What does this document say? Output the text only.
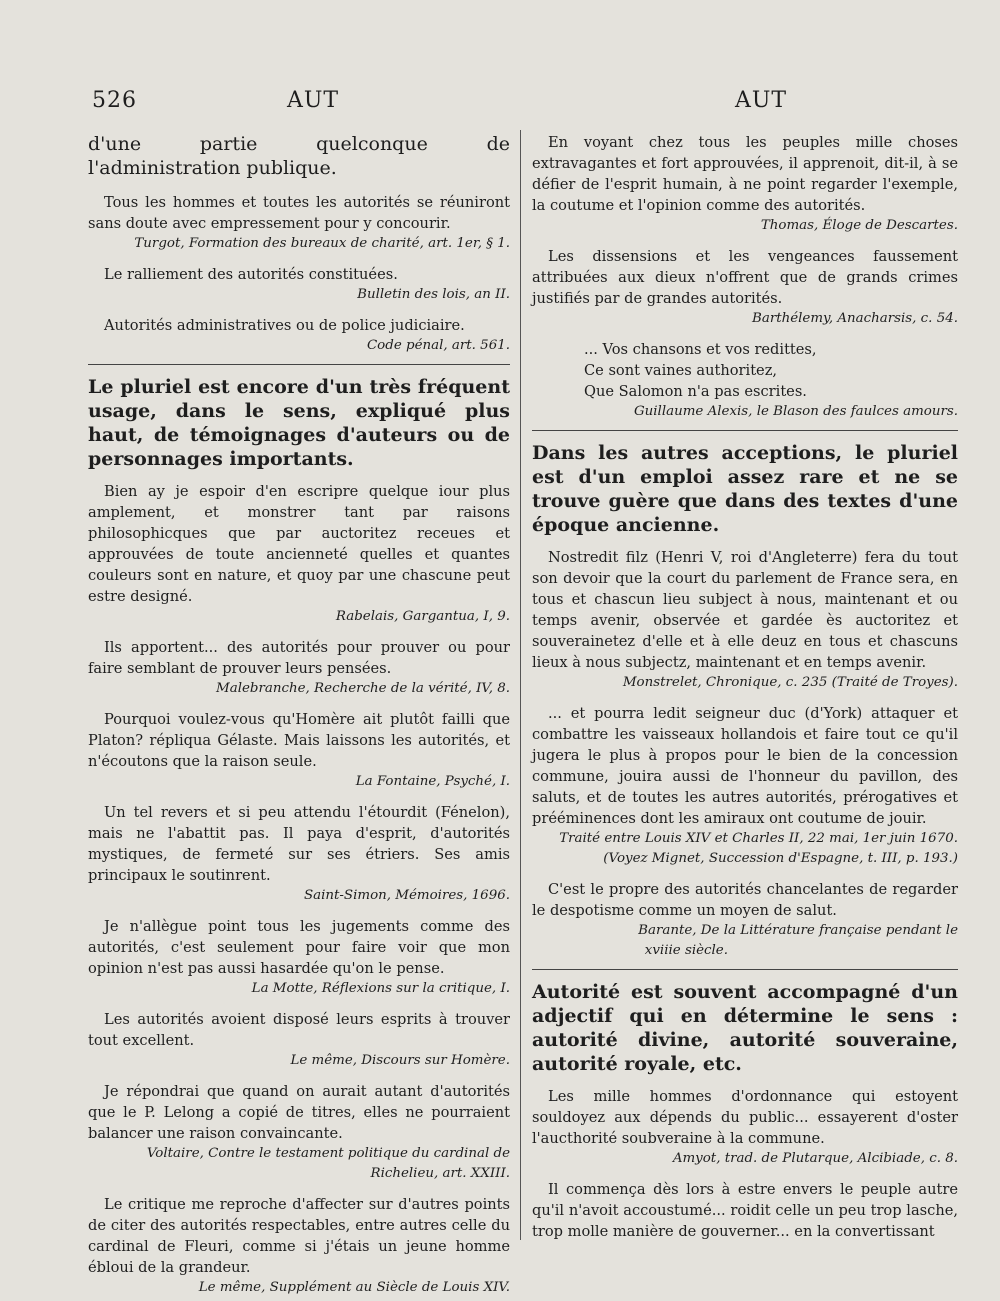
526	AUT	AUT

d'une partie quelconque de l'administration publique.

Tous les hommes et toutes les autorités se réuniront sans doute avec empressement pour y concourir.

Turgot, Formation des bureaux de charité, art. 1er, § 1.

Le ralliement des autorités constituées.

Bulletin des lois, an II.

Autorités administratives ou de police judiciaire.

Code pénal, art. 561.

Le pluriel est encore d'un très fréquent usage, dans le sens, expliqué plus haut, de témoignages d'auteurs ou de personnages importants.

Bien ay je espoir d'en escripre quelque iour plus amplement, et monstrer tant par raisons philosophicques que par auctoritez receues et approuvées de toute ancienneté quelles et quantes couleurs sont en nature, et quoy par une chascune peut estre designé.

Rabelais, Gargantua, I, 9.

Ils apportent... des autorités pour prouver ou pour faire semblant de prouver leurs pensées.

Malebranche, Recherche de la vérité, IV, 8.

Pourquoi voulez-vous qu'Homère ait plutôt failli que Platon? répliqua Gélaste. Mais laissons les autorités, et n'écoutons que la raison seule.

La Fontaine, Psyché, I.

Un tel revers et si peu attendu l'étourdit (Fénelon), mais ne l'abattit pas. Il paya d'esprit, d'autorités mystiques, de fermeté sur ses étriers. Ses amis principaux le soutinrent.

Saint-Simon, Mémoires, 1696.

Je n'allègue point tous les jugements comme des autorités, c'est seulement pour faire voir que mon opinion n'est pas aussi hasardée qu'on le pense.

La Motte, Réflexions sur la critique, I.

Les autorités avoient disposé leurs esprits à trouver tout excellent.

Le même, Discours sur Homère.

Je répondrai que quand on aurait autant d'autorités que le P. Lelong a copié de titres, elles ne pourraient balancer une raison convaincante.

Voltaire, Contre le testament politique du cardinal de Richelieu, art. XXIII.

Le critique me reproche d'affecter sur d'autres points de citer des autorités respectables, entre autres celle du cardinal de Fleuri, comme si j'étais un jeune homme ébloui de la grandeur.

Le même, Supplément au Siècle de Louis XIV.

En voyant chez tous les peuples mille choses extravagantes et fort approuvées, il apprenoit, dit-il, à se défier de l'esprit humain, à ne point regarder l'exemple, la coutume et l'opinion comme des autorités.

Thomas, Éloge de Descartes.

Les dissensions et les vengeances faussement attribuées aux dieux n'offrent que de grands crimes justifiés par de grandes autorités.

Barthélemy, Anacharsis, c. 54.

... Vos chansons et vos redittes,
Ce sont vaines authoritez,
Que Salomon n'a pas escrites.

Guillaume Alexis, le Blason des faulces amours.

Dans les autres acceptions, le pluriel est d'un emploi assez rare et ne se trouve guère que dans des textes d'une époque ancienne.

Nostredit filz (Henri V, roi d'Angleterre) fera du tout son devoir que la court du parlement de France sera, en tous et chascun lieu subject à nous, maintenant et ou temps avenir, observée et gardée ès auctoritez et souverainetez d'elle et à elle deuz en tous et chascuns lieux à nous subjectz, maintenant et en temps avenir.

Monstrelet, Chronique, c. 235 (Traité de Troyes).

... et pourra ledit seigneur duc (d'York) attaquer et combattre les vaisseaux hollandois et faire tout ce qu'il jugera le plus à propos pour le bien de la concession commune, jouira aussi de l'honneur du pavillon, des saluts, et de toutes les autres autorités, prérogatives et prééminences dont les amiraux ont coutume de jouir.

Traité entre Louis XIV et Charles II, 22 mai, 1er juin 1670.

(Voyez Mignet, Succession d'Espagne, t. III, p. 193.)

C'est le propre des autorités chancelantes de regarder le despotisme comme un moyen de salut.

Barante, De la Littérature française pendant le

xviiie siècle.

Autorité est souvent accompagné d'un adjectif qui en détermine le sens : autorité divine, autorité souveraine, autorité royale, etc.

Les mille hommes d'ordonnance qui estoyent souldoyez aux dépends du public... essayerent d'oster l'aucthorité soubveraine à la commune.

Amyot, trad. de Plutarque, Alcibiade, c. 8.

Il commença dès lors à estre envers le peuple autre qu'il n'avoit accoustumé... roidit celle un peu trop lasche, trop molle manière de gouverner... en la convertissant
